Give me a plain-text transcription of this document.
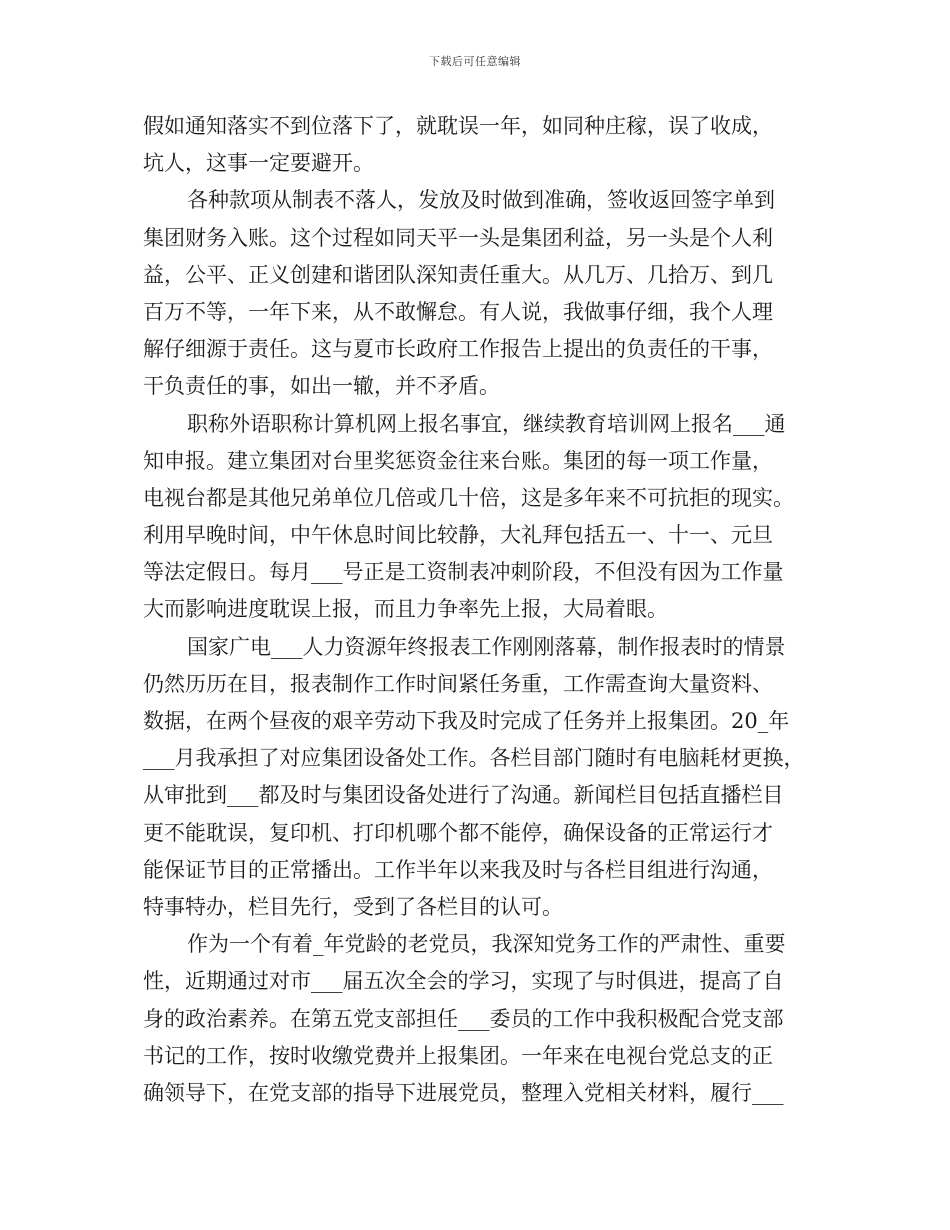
下载后可任意编辑
假如通知落实不到位落下了，就耽误一年，如同种庄稼，误了收成，
坑人，这事一定要避开。
各种款项从制表不落人，发放及时做到准确，签收返回签字单到
集团财务入账。这个过程如同天平一头是集团利益，另一头是个人利
益，公平、正义创建和谐团队深知责任重大。从几万、几拾万、到几
百万不等，一年下来，从不敢懈怠。有人说，我做事仔细，我个人理
解仔细源于责任。这与夏市长政府工作报告上提出的负责任的干事，
干负责任的事，如出一辙，并不矛盾。
职称外语职称计算机网上报名事宜，继续教育培训网上报名___通
知申报。建立集团对台里奖惩资金往来台账。集团的每一项工作量，
电视台都是其他兄弟单位几倍或几十倍，这是多年来不可抗拒的现实。
利用早晚时间，中午休息时间比较静，大礼拜包括五一、十一、元旦
等法定假日。每月___号正是工资制表冲刺阶段，不但没有因为工作量
大而影响进度耽误上报，而且力争率先上报，大局着眼。
国家广电___人力资源年终报表工作刚刚落幕，制作报表时的情景
仍然历历在目，报表制作工作时间紧任务重，工作需查询大量资料、
数据，在两个昼夜的艰辛劳动下我及时完成了任务并上报集团。20_年
___月我承担了对应集团设备处工作。各栏目部门随时有电脑耗材更换，
从审批到___都及时与集团设备处进行了沟通。新闻栏目包括直播栏目
更不能耽误，复印机、打印机哪个都不能停，确保设备的正常运行才
能保证节目的正常播出。工作半年以来我及时与各栏目组进行沟通，
特事特办，栏目先行，受到了各栏目的认可。
作为一个有着_年党龄的老党员，我深知党务工作的严肃性、重要
性，近期通过对市___届五次全会的学习，实现了与时俱进，提高了自
身的政治素养。在第五党支部担任___委员的工作中我积极配合党支部
书记的工作，按时收缴党费并上报集团。一年来在电视台党总支的正
确领导下，在党支部的指导下进展党员，整理入党相关材料，履行___
